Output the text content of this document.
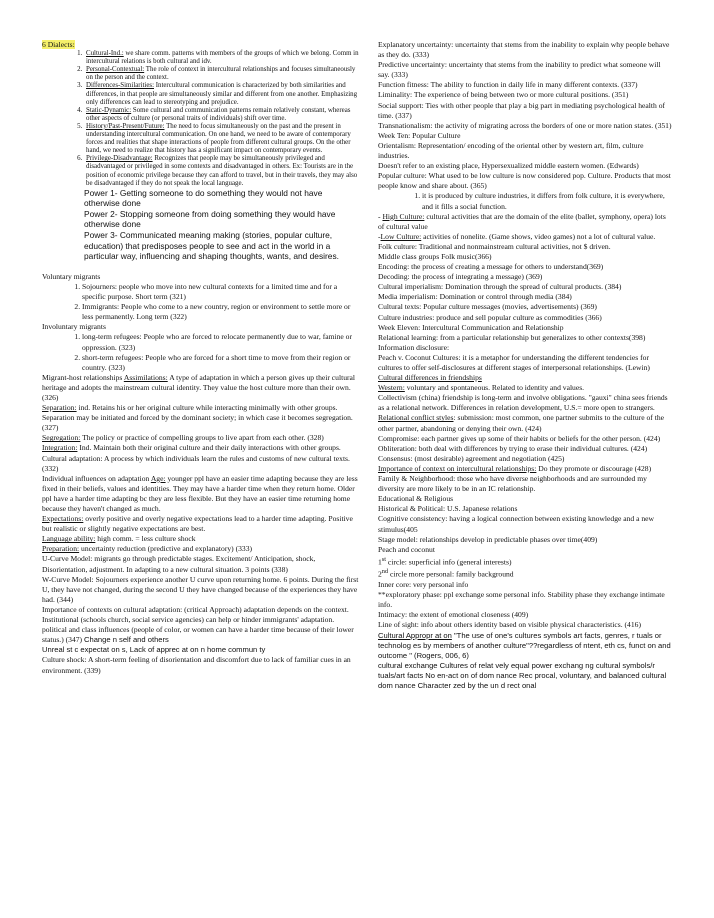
6 Dialects:
1. Cultural-Ind.: we share comm. patterns with members of the groups of which we belong. Comm in intercultural relations is both cultural and idv.
2. Personal-Contextual: The role of context in intercultural relationships and focuses simultaneously on the person and the context.
3. Differences-Similarities: Intercultural communication is characterized by both similarities and differences, in that people are simultaneously similar and different from one another. Emphasizing only differences can lead to stereotyping and prejudice.
4. Static-Dynamic: Some cultural and communication patterns remain relatively constant, whereas other aspects of culture (or personal traits of individuals) shift over time.
5. History/Past-Present/Future: The need to focus simultaneously on the past and the present in understanding intercultural communication. On one hand, we need to be aware of contemporary forces and realities that shape interactions of people from different cultural groups. On the other hand, we need to realize that history has a significant impact on contemporary events.
6. Privilege-Disadvantage: Recognizes that people may be simultaneously privileged and disadvantaged or privileged in some contexts and disadvantaged in others. Ex: Tourists are in the position of economic privilege because they can afford to travel, but in their travels, they may also be disadvantaged if they do not speak the local language.

Power 1- Getting someone to do something they would not have otherwise done

Power 2- Stopping someone from doing something they would have otherwise done

Power 3- Communicated meaning making (stories, popular culture, education) that predisposes people to see and act in the world in a particular way, influencing and shaping thoughts, wants, and desires.

Voluntary migrants
1. Sojourners: people who move into new cultural contexts for a limited time and for a specific purpose. Short term (321)
2. Immigrants: People who come to a new country, region or environment to settle more or less permanently. Long term (322)
Involuntary migrants
1. long-term refugees: People who are forced to relocate permanently due to war, famine or oppression. (323)
2. short-term refugees: People who are forced for a short time to move from their region or country. (323)

Migrant-host relationships Assimilations: A type of adaptation in which a person gives up their cultural heritage and adopts the mainstream cultural identity. They value the host culture more than their own. (326)

Separation: ind. Retains his or her original culture while interacting minimally with other groups. Separation may be initiated and forced by the dominant society; in which case it becomes segregation. (327)

Segregation: The policy or practice of compelling groups to live apart from each other. (328)

Integration: Ind. Maintain both their original culture and their daily interactions with other groups.

Cultural adaptation: A process by which individuals learn the rules and customs of new cultural texts. (332)

Individual influences on adaptation Age: younger ppl have an easier time adapting because they are less fixed in their beliefs, values and identities. They may have a harder time when they return home. Older ppl have a harder time adapting bc they are less flexible. But they have an easier time returning home because they haven't changed as much.

Expectations: overly positive and overly negative expectations lead to a harder time adapting. Positive but realistic or slightly negative expectations are best.

Language ability: high comm. = less culture shock

Preparation: uncertainty reduction (predictive and explanatory) (333)

U-Curve Model: migrants go through predictable stages. Excitement/ Anticipation, shock, Disorientation, adjustment. In adapting to a new cultural situation. 3 points (338)

W-Curve Model: Sojourners experience another U curve upon returning home. 6 points. During the first U, they have not changed, during the second U they have changed because of the experiences they have had. (344)

Importance of contexts on cultural adaptation: (critical Approach) adaptation depends on the context. Institutional (schools church, social service agencies) can help or hinder immigrants' adaptation. political and class influences (people of color, or women can have a harder time because of their lower status.) (347) Change n self and others

Unreal st c expectat on s, Lack of apprec at on n home commun ty
Culture shock: A short-term feeling of disorientation and discomfort due to lack of familiar cues in an environment. (339)

Explanatory uncertainty: uncertainty that stems from the inability to explain why people behave as they do. (333)

Predictive uncertainty: uncertainty that stems from the inability to predict what someone will say. (333)

Function fitness: The ability to function in daily life in many different contexts. (337)

Liminality: The experience of being between two or more cultural positions. (351)

Social support: Ties with other people that play a big part in mediating psychological health of time. (337)

Transnationalism: the activity of migrating across the borders of one or more nation states. (351)

Week Ten: Popular Culture

Orientalism: Representation/ encoding of the oriental other by western art, film, culture industries.

Doesn't refer to an existing place, Hypersexualized middle eastern women. (Edwards)

Popular culture: What used to be low culture is now considered pop. Culture. Products that most people know and share about. (365)

1. it is produced by culture industries, it differs from folk culture, it is everywhere, and it fills a social function.

- High Culture: cultural activities that are the domain of the elite (ballet, symphony, opera) lots of cultural value

-Low Culture: activities of nonelite. (Game shows, video games) not a lot of cultural value.

Folk culture: Traditional and nonmainstream cultural activities, not $ driven.

Middle class groups Folk music(366)

Encoding: the process of creating a message for others to understand(369)

Decoding: the process of integrating a message) (369)

Cultural imperialism: Domination through the spread of cultural products. (384)

Media imperialism: Domination or control through media (384)

Cultural texts: Popular culture messages (movies, advertisements) (369)

Culture industries: produce and sell popular culture as commodities (366)

Week Eleven: Intercultural Communication and Relationship

Relational learning: from a particular relationship but generalizes to other contexts(398)

Information disclosure:

Peach v. Coconut Cultures: it is a metaphor for understanding the different tendencies for cultures to offer self-disclosures at different stages of interpersonal relationships. (Lewin)

Cultural differences in friendships

Western: voluntary and spontaneous. Related to identity and values.

Collectivism (china) friendship is long-term and involve obligations. "gauxi" china sees friends as a relational network. Differences in relation development, U.S.= more open to strangers.

Relational conflict styles: submission: most common, one partner submits to the culture of the other partner, abandoning or denying their own. (424)

Compromise: each partner gives up some of their habits or beliefs for the other person. (424)

Obliteration: both deal with differences by trying to erase their individual cultures. (424)

Consensus: (most desirable) agreement and negotiation (425)

Importance of context on intercultural relationships: Do they promote or discourage (428)

Family & Neighborhood: those who have diverse neighborhoods and are surrounded my diversity are more likely to be in an IC relationship.

Educational & Religious

Historical & Political: U.S. Japanese relations

Cognitive consistency: having a logical connection between existing knowledge and a new stimulus(405

Stage model: relationships develop in predictable phases over time(409)

Peach and coconut

1st circle: superficial info (general interests)

2nd circle more personal: family background

Inner core: very personal info

**exploratory phase: ppl exchange some personal info. Stability phase they exchange intimate info.

Intimacy: the extent of emotional closeness (409)

Line of sight: info about others identity based on visible physical characteristics. (416)

Cultural Appropr at on "The use of one's cultures symbols art facts, genres, r tuals or technolog es by members of another culture"??regardless of ntent, eth cs, funct on and outcome " (Rogers, 006, 6)
cultural exchange Cultures of relat vely equal power exchang ng cultural symbols/r tuals/art facts No en-act on of dom nance Rec procal, voluntary, and balanced cultural dom nance Character zed by the un d rect onal
